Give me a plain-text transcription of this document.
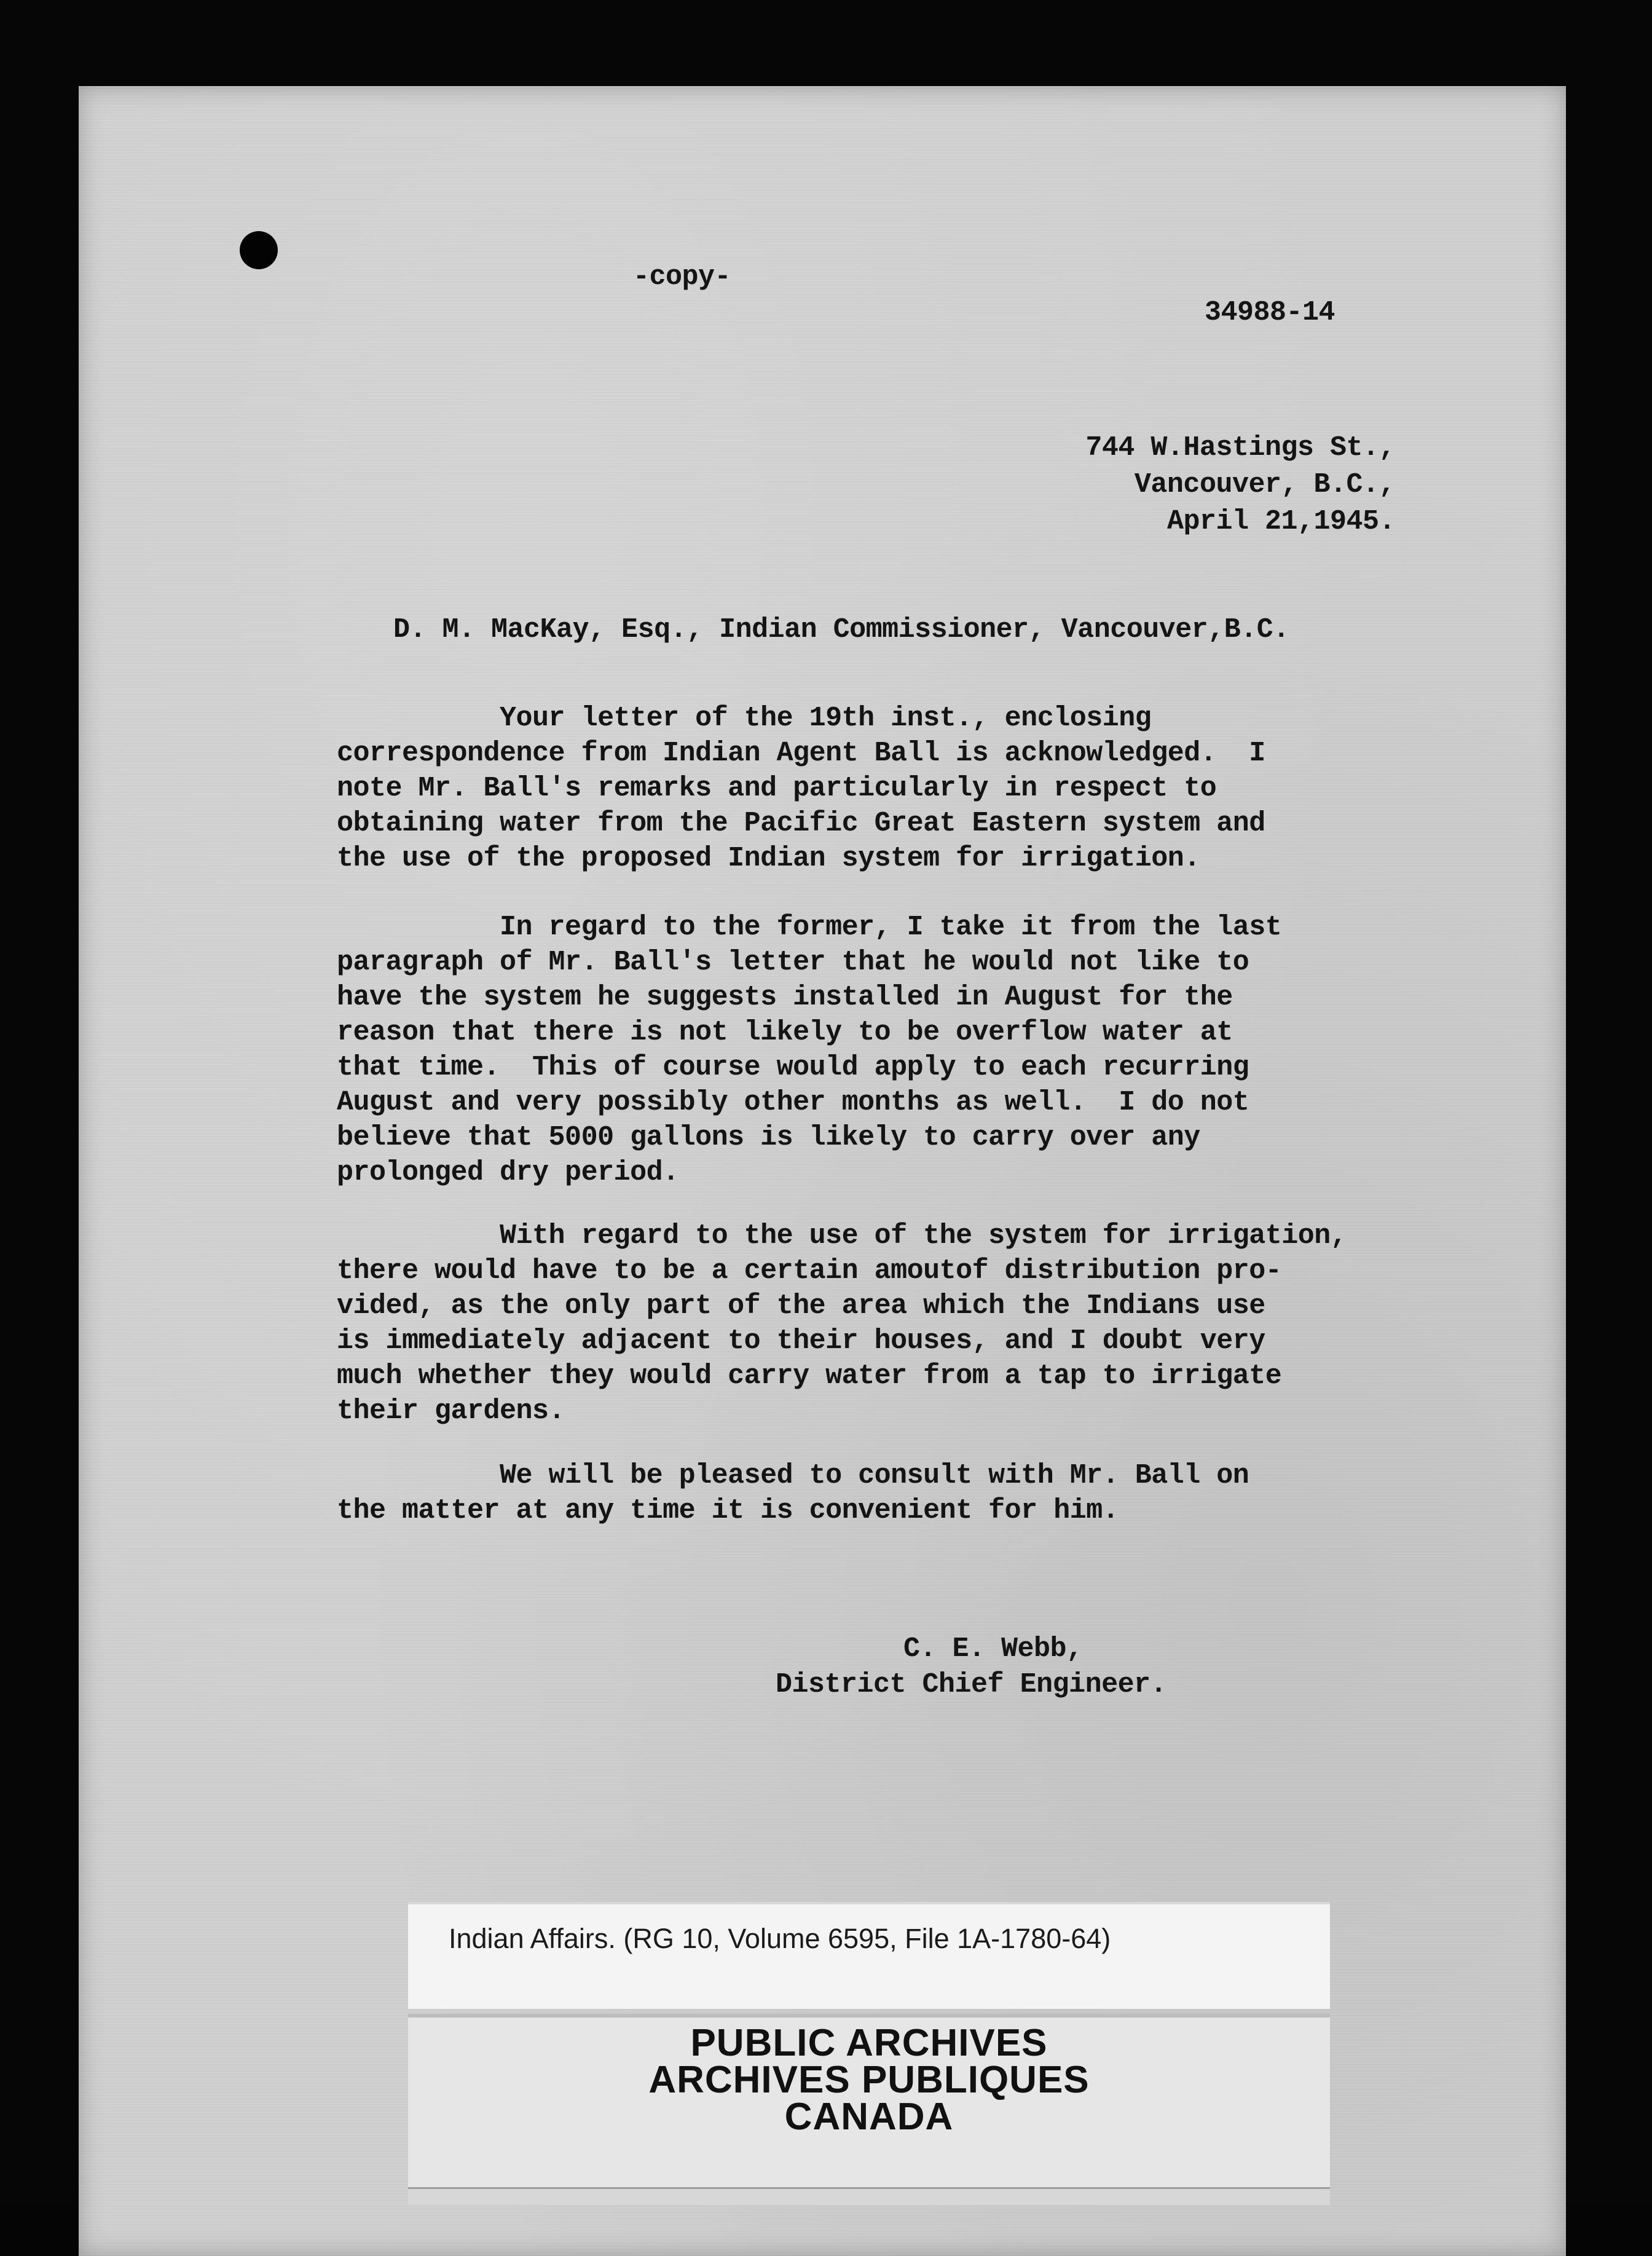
-copy-
34988-14
744 W.Hastings St.,
Vancouver, B.C.,
April 21,1945.
D. M. MacKay, Esq., Indian Commissioner, Vancouver,B.C.
Your letter of the 19th inst., enclosing
correspondence from Indian Agent Ball is acknowledged.  I
note Mr. Ball's remarks and particularly in respect to
obtaining water from the Pacific Great Eastern system and
the use of the proposed Indian system for irrigation.
In regard to the former, I take it from the last
paragraph of Mr. Ball's letter that he would not like to
have the system he suggests installed in August for the
reason that there is not likely to be overflow water at
that time.  This of course would apply to each recurring
August and very possibly other months as well.  I do not
believe that 5000 gallons is likely to carry over any
prolonged dry period.
With regard to the use of the system for irrigation,
there would have to be a certain amoutof distribution pro-
vided, as the only part of the area which the Indians use
is immediately adjacent to their houses, and I doubt very
much whether they would carry water from a tap to irrigate
their gardens.
We will be pleased to consult with Mr. Ball on
the matter at any time it is convenient for him.
C. E. Webb,
District Chief Engineer.
Indian Affairs. (RG 10, Volume 6595, File 1A-1780-64)
PUBLIC ARCHIVES
ARCHIVES PUBLIQUES
CANADA
